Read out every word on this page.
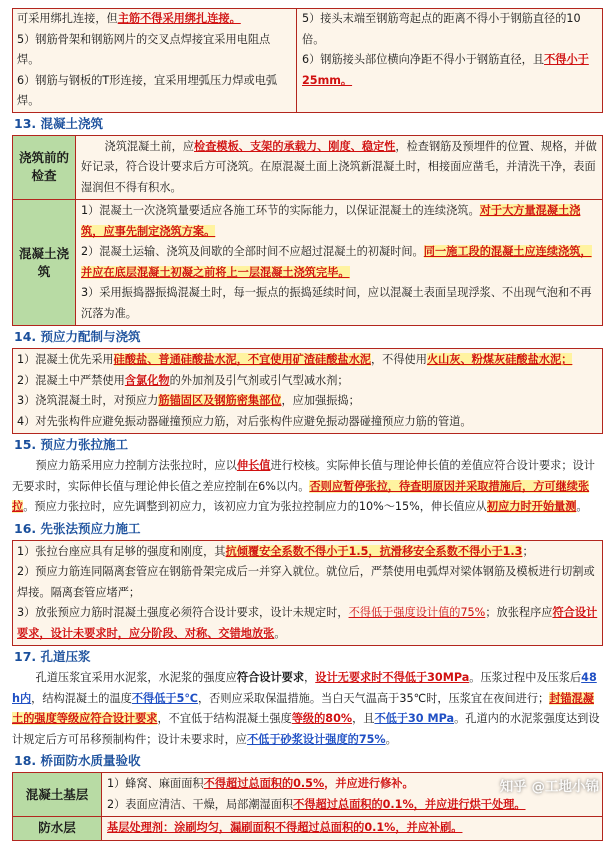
可采用绑扎连接，但主筋不得采用绑扎连接。

5）钢筋骨架和钢筋网片的交叉点焊接宜采用电阻点焊。

6）钢筋与钢板的T形连接，宜采用埋弧压力焊或电弧焊。

5）接头末端至钢筋弯起点的距离不得小于钢筋直径的10倍。

6）钢筋接头部位横向净距不得小于钢筋直径，且不得小于25mm。

13. 混凝土浇筑
浇筑前的检查

浇筑混凝土前，应检查模板、支架的承载力、刚度、稳定性，检查钢筋及预埋件的位置、规格，并做好记录，符合设计要求后方可浇筑。在原混凝土面上浇筑新混凝土时，相接面应凿毛，并清洗干净，表面湿润但不得有积水。

混凝土浇筑

1）混凝土一次浇筑量要适应各施工环节的实际能力，以保证混凝土的连续浇筑。对于大方量混凝土浇筑，应事先制定浇筑方案。

2）混凝土运输、浇筑及间歇的全部时间不应超过混凝土的初凝时间。同一施工段的混凝土应连续浇筑，并应在底层混凝土初凝之前将上一层混凝土浇筑完毕。

3）采用振捣器振捣混凝土时，每一振点的振捣延续时间，应以混凝土表面呈现浮浆、不出现气泡和不再沉落为准。

14. 预应力配制与浇筑

1）混凝土优先采用硅酸盐、普通硅酸盐水泥，不宜使用矿渣硅酸盐水泥，不得使用火山灰、粉煤灰硅酸盐水泥；

2）混凝土中严禁使用含氯化物的外加剂及引气剂或引气型减水剂；

3）浇筑混凝土时，对预应力筋锚固区及钢筋密集部位，应加强振捣；

4）对先张构件应避免振动器碰撞预应力筋，对后张构件应避免振动器碰撞预应力筋的管道。

15. 预应力张拉施工

预应力筋采用应力控制方法张拉时，应以伸长值进行校核。实际伸长值与理论伸长值的差值应符合设计要求；设计无要求时，实际伸长值与理论伸长值之差应控制在6%以内。否则应暂停张拉，待查明原因并采取措施后，方可继续张拉。预应力张拉时，应先调整到初应力，该初应力宜为张拉控制应力的10%～15%，伸长值应从初应力时开始量测。

16. 先张法预应力施工

1）张拉台座应具有足够的强度和刚度，其抗倾覆安全系数不得小于1.5，抗滑移安全系数不得小于1.3；

2）预应力筋连同隔离套管应在钢筋骨架完成后一并穿入就位。就位后，严禁使用电弧焊对梁体钢筋及模板进行切割或焊接。隔离套管应堵严；

3）放张预应力筋时混凝土强度必须符合设计要求，设计未规定时，不得低于强度设计值的75%；放张程序应符合设计要求，设计未要求时，应分阶段、对称、交错地放张。

17. 孔道压浆

孔道压浆宜采用水泥浆，水泥浆的强度应符合设计要求，设计无要求时不得低于30MPa。压浆过程中及压浆后48 h内，结构混凝土的温度不得低于5℃，否则应采取保温措施。当白天气温高于35℃时，压浆宜在夜间进行；封锚混凝土的强度等级应符合设计要求，不宜低于结构混凝土强度等级的80%，且不低于30 MPa。孔道内的水泥浆强度达到设计规定后方可吊移预制构件；设计未要求时，应不低于砂浆设计强度的75%。

18. 桥面防水质量验收
混凝土基层

1）蜂窝、麻面面积不得超过总面积的0.5%，并应进行修补。

2）表面应清洁、干燥，局部潮湿面积不得超过总面积的0.1%，并应进行烘干处理。

防水层	基层处理剂：涂刷均匀，漏刷面积不得超过总面积的0.1%，并应补刷。

知乎 @工地小锦
